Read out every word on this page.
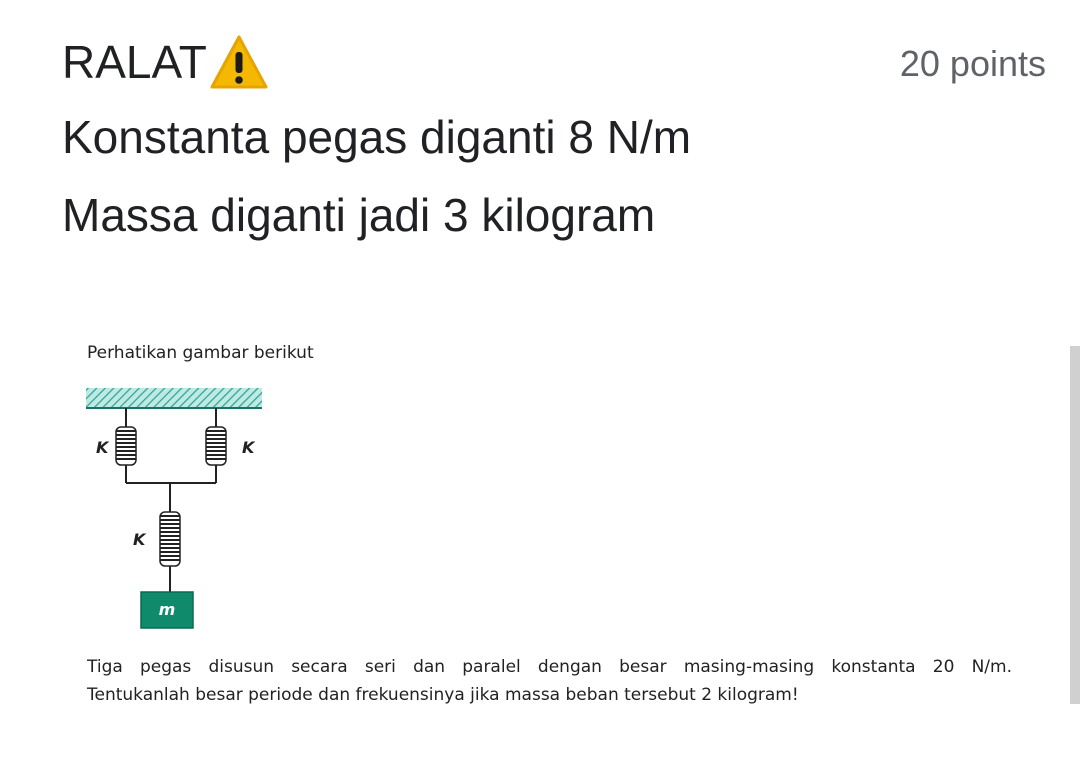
RALAT	20 points
Konstanta pegas diganti 8 N/m
Massa diganti jadi 3 kilogram
Perhatikan gambar berikut
K	K
K
m
Tiga pegas disusun secara seri dan paralel dengan besar masing-masing konstanta 20 N/m.
Tentukanlah besar periode dan frekuensinya jika massa beban tersebut 2 kilogram!
